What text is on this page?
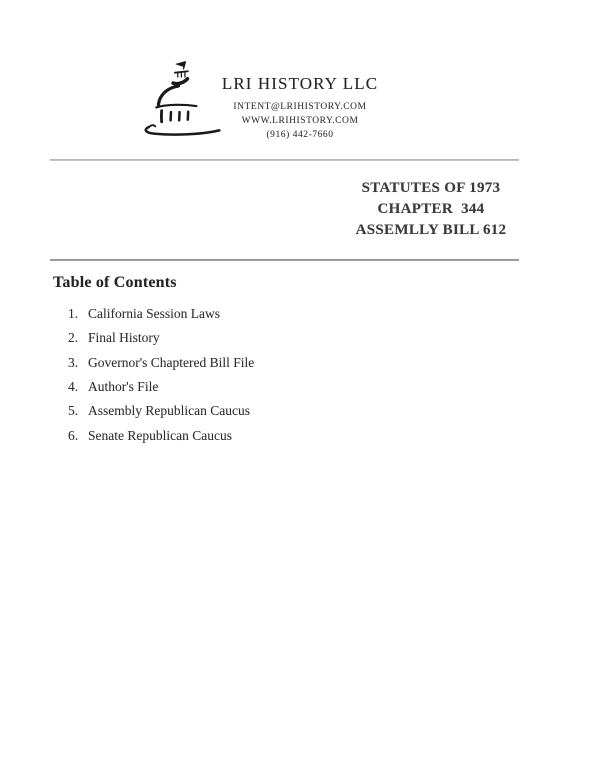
LRI HISTORY LLC
INTENT@LRIHISTORY.COM
WWW.LRIHISTORY.COM
(916) 442-7660
STATUTES OF 1973
CHAPTER  344
ASSEMLLY BILL 612
Table of Contents
1. California Session Laws
2. Final History
3. Governor's Chaptered Bill File
4. Author's File
5. Assembly Republican Caucus
6. Senate Republican Caucus
